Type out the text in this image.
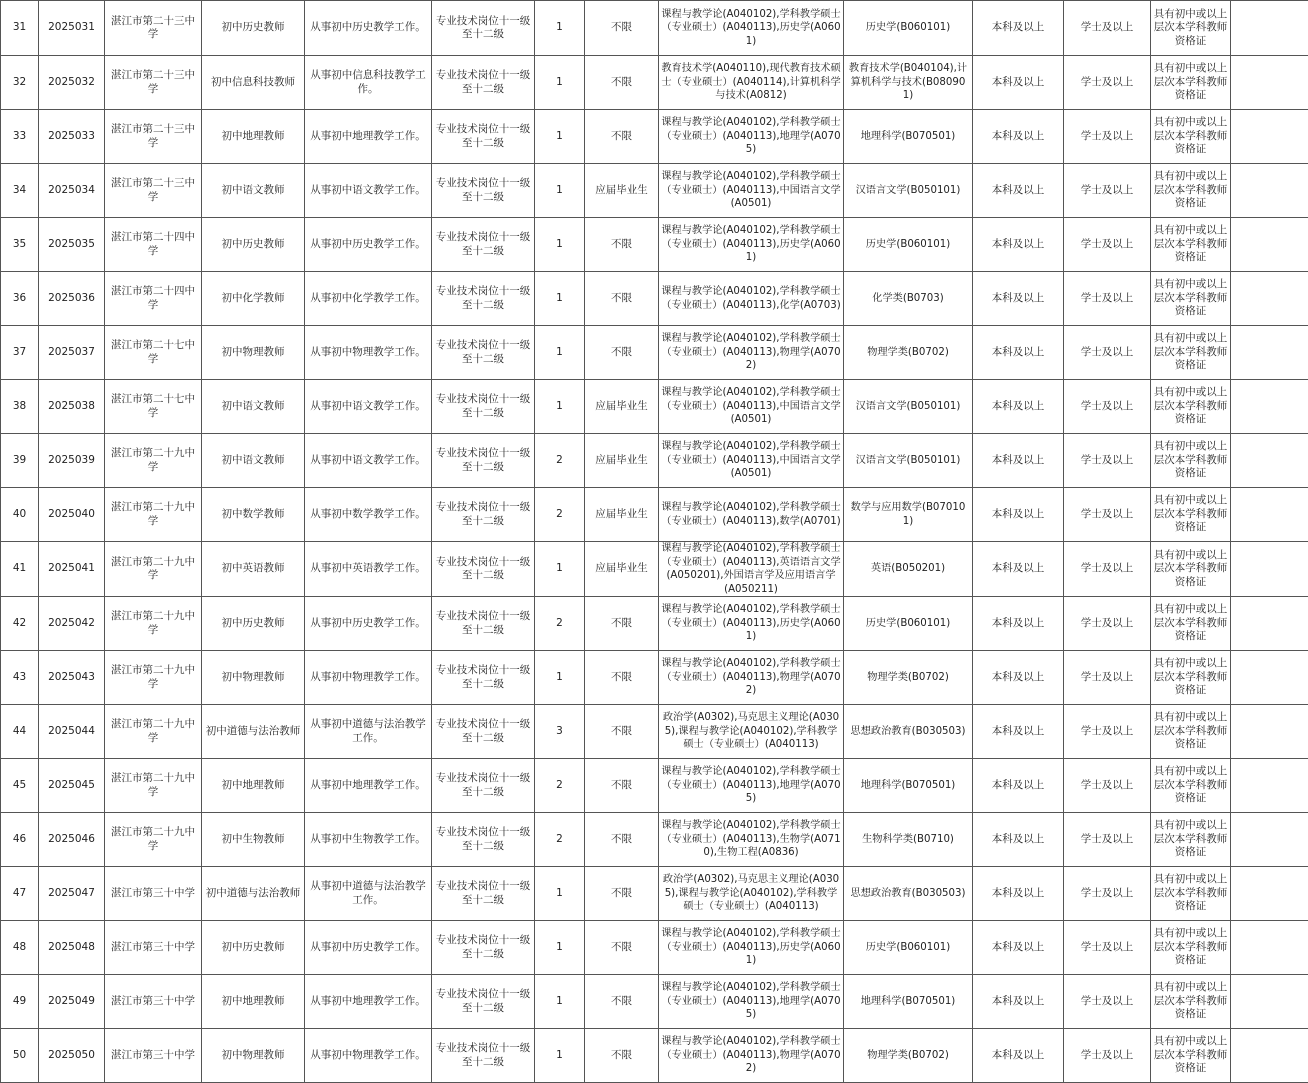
31	2025031	湛江市第二十三中学	初中历史教师	从事初中历史教学工作。	专业技术岗位十一级至十二级	1	不限	课程与教学论(A040102),学科教学硕士（专业硕士）(A040113),历史学(A0601)	历史学(B060101)	本科及以上	学士及以上	具有初中或以上层次本学科教师资格证	
32	2025032	湛江市第二十三中学	初中信息科技教师	从事初中信息科技教学工作。	专业技术岗位十一级至十二级	1	不限	教育技术学(A040110),现代教育技术硕士（专业硕士）(A040114),计算机科学与技术(A0812)	教育技术学(B040104),计算机科学与技术(B080901)	本科及以上	学士及以上	具有初中或以上层次本学科教师资格证	
33	2025033	湛江市第二十三中学	初中地理教师	从事初中地理教学工作。	专业技术岗位十一级至十二级	1	不限	课程与教学论(A040102),学科教学硕士（专业硕士）(A040113),地理学(A0705)	地理科学(B070501)	本科及以上	学士及以上	具有初中或以上层次本学科教师资格证	
34	2025034	湛江市第二十三中学	初中语文教师	从事初中语文教学工作。	专业技术岗位十一级至十二级	1	应届毕业生	课程与教学论(A040102),学科教学硕士（专业硕士）(A040113),中国语言文学(A0501)	汉语言文学(B050101)	本科及以上	学士及以上	具有初中或以上层次本学科教师资格证	
35	2025035	湛江市第二十四中学	初中历史教师	从事初中历史教学工作。	专业技术岗位十一级至十二级	1	不限	课程与教学论(A040102),学科教学硕士（专业硕士）(A040113),历史学(A0601)	历史学(B060101)	本科及以上	学士及以上	具有初中或以上层次本学科教师资格证	
36	2025036	湛江市第二十四中学	初中化学教师	从事初中化学教学工作。	专业技术岗位十一级至十二级	1	不限	课程与教学论(A040102),学科教学硕士（专业硕士）(A040113),化学(A0703)	化学类(B0703)	本科及以上	学士及以上	具有初中或以上层次本学科教师资格证	
37	2025037	湛江市第二十七中学	初中物理教师	从事初中物理教学工作。	专业技术岗位十一级至十二级	1	不限	课程与教学论(A040102),学科教学硕士（专业硕士）(A040113),物理学(A0702)	物理学类(B0702)	本科及以上	学士及以上	具有初中或以上层次本学科教师资格证	
38	2025038	湛江市第二十七中学	初中语文教师	从事初中语文教学工作。	专业技术岗位十一级至十二级	1	应届毕业生	课程与教学论(A040102),学科教学硕士（专业硕士）(A040113),中国语言文学(A0501)	汉语言文学(B050101)	本科及以上	学士及以上	具有初中或以上层次本学科教师资格证	
39	2025039	湛江市第二十九中学	初中语文教师	从事初中语文教学工作。	专业技术岗位十一级至十二级	2	应届毕业生	课程与教学论(A040102),学科教学硕士（专业硕士）(A040113),中国语言文学(A0501)	汉语言文学(B050101)	本科及以上	学士及以上	具有初中或以上层次本学科教师资格证	
40	2025040	湛江市第二十九中学	初中数学教师	从事初中数学教学工作。	专业技术岗位十一级至十二级	2	应届毕业生	课程与教学论(A040102),学科教学硕士（专业硕士）(A040113),数学(A0701)	数学与应用数学(B070101)	本科及以上	学士及以上	具有初中或以上层次本学科教师资格证	
41	2025041	湛江市第二十九中学	初中英语教师	从事初中英语教学工作。	专业技术岗位十一级至十二级	1	应届毕业生	课程与教学论(A040102),学科教学硕士（专业硕士）(A040113),英语语言文学(A050201),外国语言学及应用语言学(A050211)	英语(B050201)	本科及以上	学士及以上	具有初中或以上层次本学科教师资格证	
42	2025042	湛江市第二十九中学	初中历史教师	从事初中历史教学工作。	专业技术岗位十一级至十二级	2	不限	课程与教学论(A040102),学科教学硕士（专业硕士）(A040113),历史学(A0601)	历史学(B060101)	本科及以上	学士及以上	具有初中或以上层次本学科教师资格证	
43	2025043	湛江市第二十九中学	初中物理教师	从事初中物理教学工作。	专业技术岗位十一级至十二级	1	不限	课程与教学论(A040102),学科教学硕士（专业硕士）(A040113),物理学(A0702)	物理学类(B0702)	本科及以上	学士及以上	具有初中或以上层次本学科教师资格证	
44	2025044	湛江市第二十九中学	初中道德与法治教师	从事初中道德与法治教学工作。	专业技术岗位十一级至十二级	3	不限	政治学(A0302),马克思主义理论(A0305),课程与教学论(A040102),学科教学硕士（专业硕士）(A040113)	思想政治教育(B030503)	本科及以上	学士及以上	具有初中或以上层次本学科教师资格证	
45	2025045	湛江市第二十九中学	初中地理教师	从事初中地理教学工作。	专业技术岗位十一级至十二级	2	不限	课程与教学论(A040102),学科教学硕士（专业硕士）(A040113),地理学(A0705)	地理科学(B070501)	本科及以上	学士及以上	具有初中或以上层次本学科教师资格证	
46	2025046	湛江市第二十九中学	初中生物教师	从事初中生物教学工作。	专业技术岗位十一级至十二级	2	不限	课程与教学论(A040102),学科教学硕士（专业硕士）(A040113),生物学(A0710),生物工程(A0836)	生物科学类(B0710)	本科及以上	学士及以上	具有初中或以上层次本学科教师资格证	
47	2025047	湛江市第三十中学	初中道德与法治教师	从事初中道德与法治教学工作。	专业技术岗位十一级至十二级	1	不限	政治学(A0302),马克思主义理论(A0305),课程与教学论(A040102),学科教学硕士（专业硕士）(A040113)	思想政治教育(B030503)	本科及以上	学士及以上	具有初中或以上层次本学科教师资格证	
48	2025048	湛江市第三十中学	初中历史教师	从事初中历史教学工作。	专业技术岗位十一级至十二级	1	不限	课程与教学论(A040102),学科教学硕士（专业硕士）(A040113),历史学(A0601)	历史学(B060101)	本科及以上	学士及以上	具有初中或以上层次本学科教师资格证	
49	2025049	湛江市第三十中学	初中地理教师	从事初中地理教学工作。	专业技术岗位十一级至十二级	1	不限	课程与教学论(A040102),学科教学硕士（专业硕士）(A040113),地理学(A0705)	地理科学(B070501)	本科及以上	学士及以上	具有初中或以上层次本学科教师资格证	
50	2025050	湛江市第三十中学	初中物理教师	从事初中物理教学工作。	专业技术岗位十一级至十二级	1	不限	课程与教学论(A040102),学科教学硕士（专业硕士）(A040113),物理学(A0702)	物理学类(B0702)	本科及以上	学士及以上	具有初中或以上层次本学科教师资格证	
